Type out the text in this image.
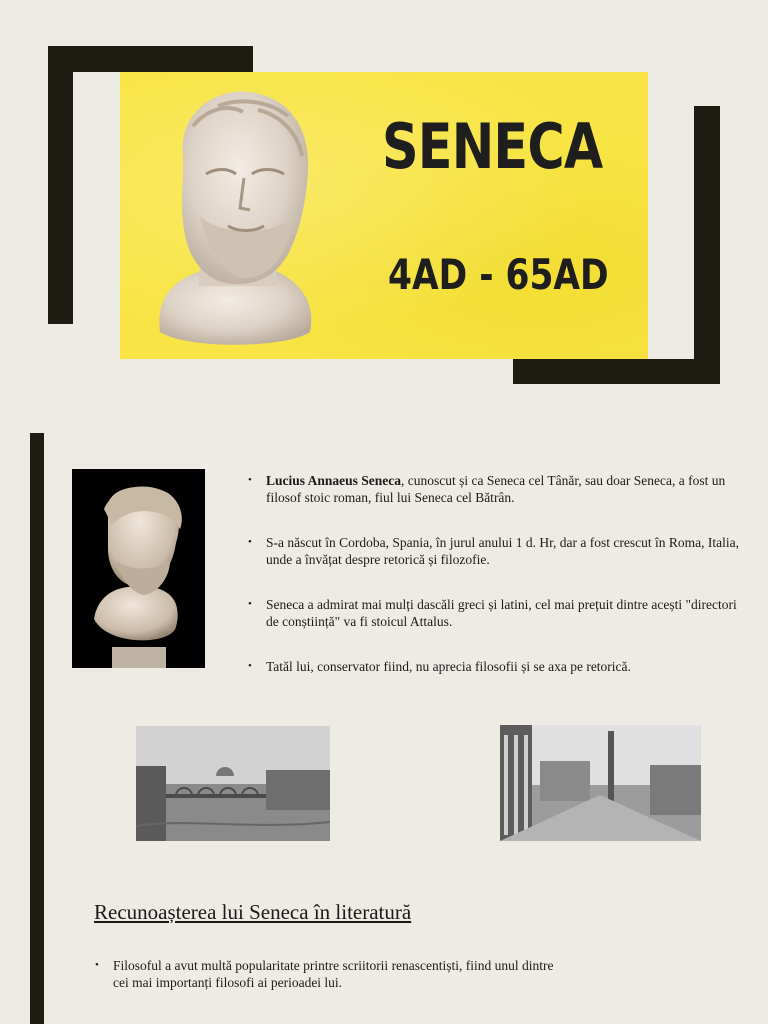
SENECA
4AD - 65AD
• Lucius Annaeus Seneca, cunoscut și ca Seneca cel Tânăr, sau doar Seneca, a fost un filosof stoic roman, fiul lui Seneca cel Bătrân.
• S-a născut în Cordoba, Spania, în jurul anului 1 d. Hr, dar a fost crescut în Roma, Italia, unde a învățat despre retorică și filozofie.
• Seneca a admirat mai mulți dascăli greci și latini, cel mai prețuit dintre acești "directori de conștiință" va fi stoicul Attalus.
• Tatăl lui, conservator fiind, nu aprecia filosofii și se axa pe retorică.
Recunoașterea lui Seneca în literatură
• Filosoful a avut multă popularitate printre scriitorii renascentiști, fiind unul dintre cei mai importanți filosofi ai perioadei lui.
